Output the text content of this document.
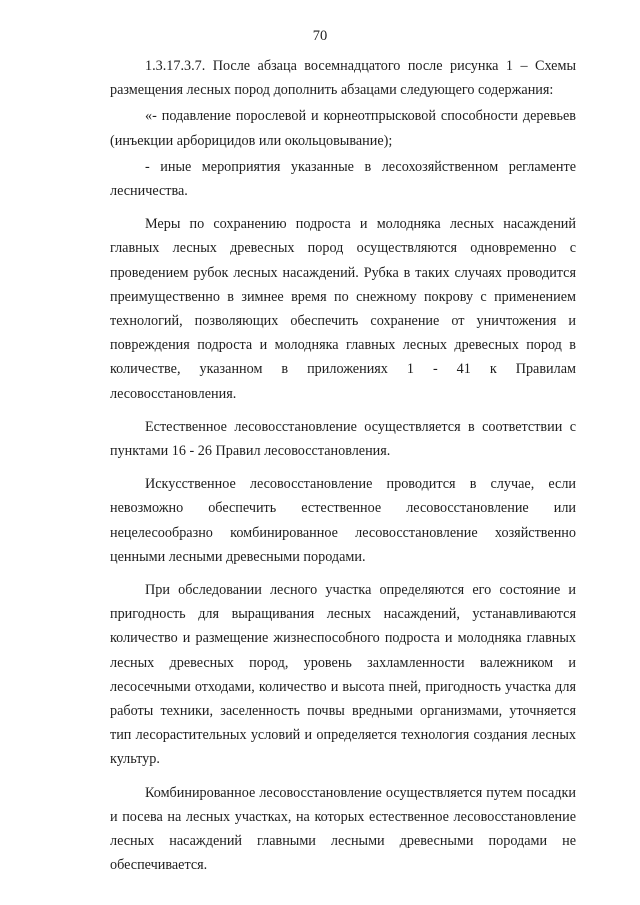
70

1.3.17.3.7. После абзаца восемнадцатого после рисунка 1 – Схемы размещения лесных пород дополнить абзацами следующего содержания:

«- подавление порослевой и корнеотпрысковой способности деревьев (инъекции арборицидов или окольцовывание);

- иные мероприятия указанные в лесохозяйственном регламенте лесничества.

Меры по сохранению подроста и молодняка лесных насаждений главных лесных древесных пород осуществляются одновременно с проведением рубок лесных насаждений. Рубка в таких случаях проводится преимущественно в зимнее время по снежному покрову с применением технологий, позволяющих обеспечить сохранение от уничтожения и повреждения подроста и молодняка главных лесных древесных пород в количестве, указанном в приложениях 1 - 41 к Правилам лесовосстановления.

Естественное лесовосстановление осуществляется в соответствии с пунктами 16 - 26 Правил лесовосстановления.

Искусственное лесовосстановление проводится в случае, если невозможно обеспечить естественное лесовосстановление или нецелесообразно комбинированное лесовосстановление хозяйственно ценными лесными древесными породами.

При обследовании лесного участка определяются его состояние и пригодность для выращивания лесных насаждений, устанавливаются количество и размещение жизнеспособного подроста и молодняка главных лесных древесных пород, уровень захламленности валежником и лесосечными отходами, количество и высота пней, пригодность участка для работы техники, заселенность почвы вредными организмами, уточняется тип лесорастительных условий и определяется технология создания лесных культур.

Комбинированное лесовосстановление осуществляется путем посадки и посева на лесных участках, на которых естественное лесовосстановление лесных насаждений главными лесными древесными породами не обеспечивается.
